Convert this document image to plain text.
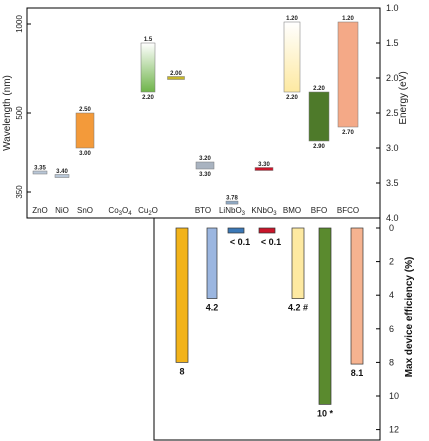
Wavelength (nm)
350
500
1000
Energy (eV)
1.0
1.5
2.0
2.5
3.0
3.5
4.0
ZnO NiO SnO $Co_3O_4$ $Cu_2O$	BTO LiNbO$_3$ KNbO$_3$ BMO BFO BFCO
3.35
3.40
2.50
3.00
1.5
2.20
2.00
3.20
3.30
3.78
3.30
1.20
2.20
2.20
2.90
1.20
2.70
Max device efficiency (%)
0
2
4
6
8
10
12
8
4.2
< 0.1 < 0.1
4.2 #
10 *
8.1
